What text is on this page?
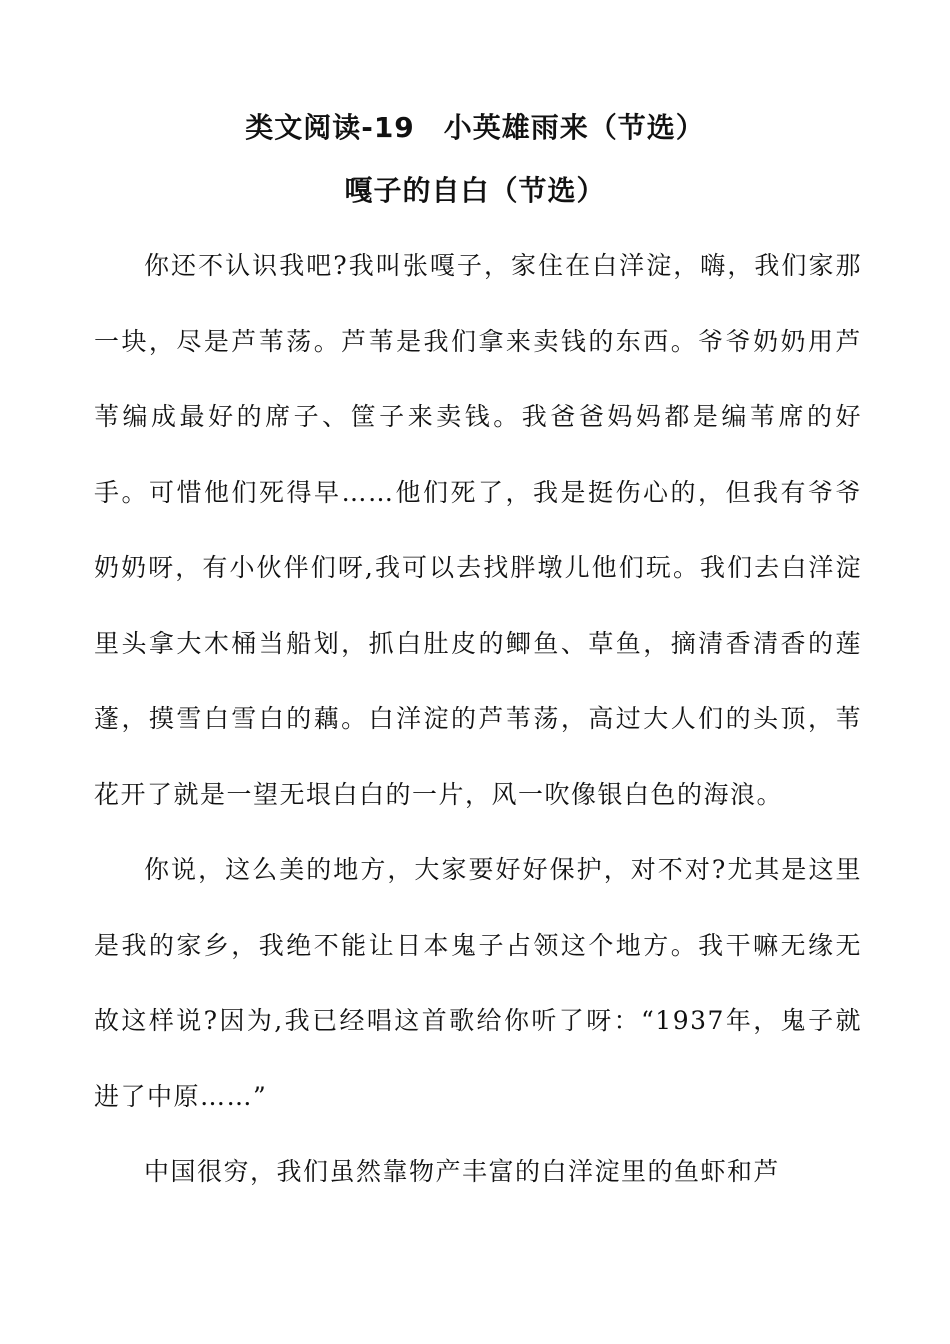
类文阅读-19　小英雄雨来（节选）
嘎子的自白（节选）

你还不认识我吧?我叫张嘎子，家住在白洋淀，嗨，我们家那一块，尽是芦苇荡。芦苇是我们拿来卖钱的东西。爷爷奶奶用芦苇编成最好的席子、筐子来卖钱。我爸爸妈妈都是编苇席的好手。可惜他们死得早……他们死了，我是挺伤心的，但我有爷爷奶奶呀，有小伙伴们呀,我可以去找胖墩儿他们玩。我们去白洋淀里头拿大木桶当船划，抓白肚皮的鲫鱼、草鱼，摘清香清香的莲蓬，摸雪白雪白的藕。白洋淀的芦苇荡，高过大人们的头顶，苇花开了就是一望无垠白白的一片，风一吹像银白色的海浪。

你说，这么美的地方，大家要好好保护，对不对?尤其是这里是我的家乡，我绝不能让日本鬼子占领这个地方。我干嘛无缘无故这样说?因为,我已经唱这首歌给你听了呀：“1937年，鬼子就进了中原……”

中国很穷，我们虽然靠物产丰富的白洋淀里的鱼虾和芦
